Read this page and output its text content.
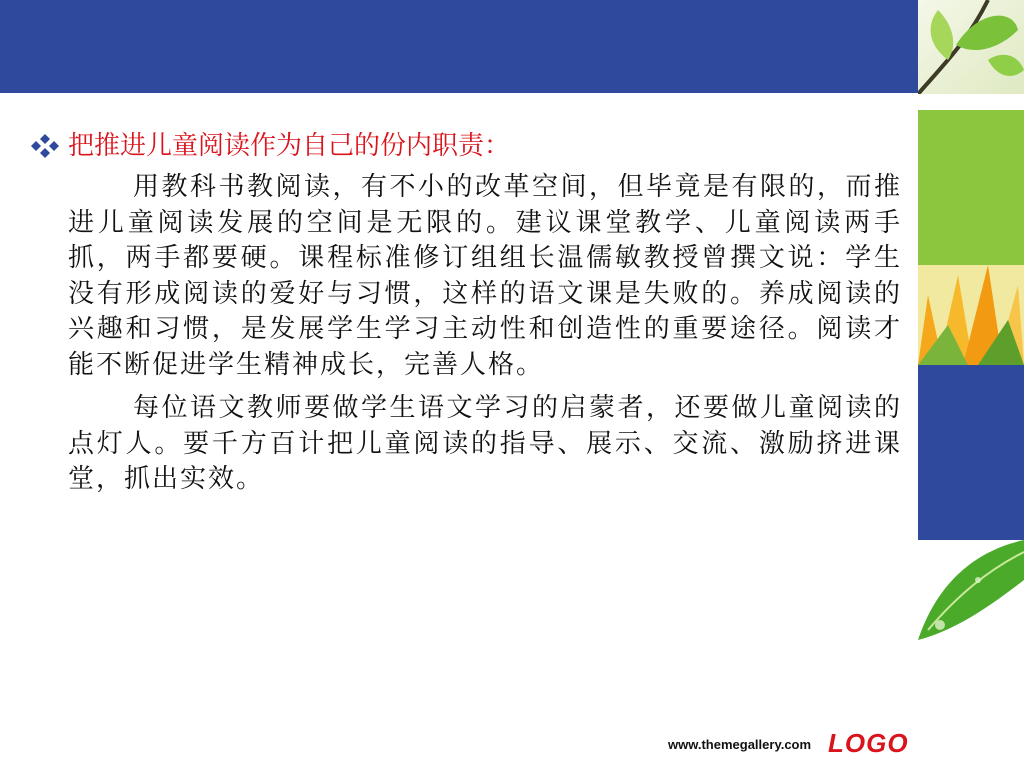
把推进儿童阅读作为自己的份内职责：

用教科书教阅读，有不小的改革空间，但毕竟是有限的，而推进儿童阅读发展的空间是无限的。建议课堂教学、儿童阅读两手抓，两手都要硬。课程标准修订组组长温儒敏教授曾撰文说：学生没有形成阅读的爱好与习惯，这样的语文课是失败的。养成阅读的兴趣和习惯，是发展学生学习主动性和创造性的重要途径。阅读才能不断促进学生精神成长，完善人格。

每位语文教师要做学生语文学习的启蒙者，还要做儿童阅读的点灯人。要千方百计把儿童阅读的指导、展示、交流、激励挤进课堂，抓出实效。

www.themegallery.com LOGO
